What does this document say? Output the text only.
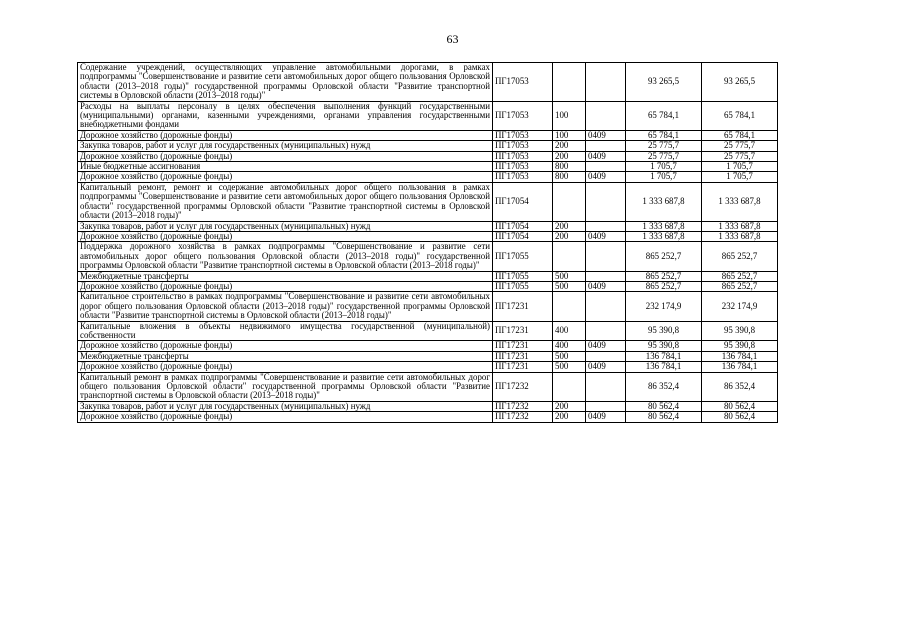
63
Содержание учреждений, осуществляющих управление автомобильными дорогами, в рамках подпрограммы "Совершенствование и развитие сети автомобильных дорог общего пользования Орловской области (2013–2018 годы)" государственной программы Орловской области "Развитие транспортной системы в Орловской области (2013–2018 годы)"	ПГ17053			93 265,5	93 265,5
Расходы на выплаты персоналу в целях обеспечения выполнения функций государственными (муниципальными) органами, казенными учреждениями, органами управления государственными внебюджетными фондами	ПГ17053	100		65 784,1	65 784,1
Дорожное хозяйство (дорожные фонды)	ПГ17053	100	0409	65 784,1	65 784,1
Закупка товаров, работ и услуг для государственных (муниципальных) нужд	ПГ17053	200		25 775,7	25 775,7
Дорожное хозяйство (дорожные фонды)	ПГ17053	200	0409	25 775,7	25 775,7
Иные бюджетные ассигнования	ПГ17053	800		1 705,7	1 705,7
Дорожное хозяйство (дорожные фонды)	ПГ17053	800	0409	1 705,7	1 705,7
Капитальный ремонт, ремонт и содержание автомобильных дорог общего пользования в рамках подпрограммы "Совершенствование и развитие сети автомобильных дорог общего пользования Орловской области" государственной программы Орловской области "Развитие транспортной системы в Орловской области (2013–2018 годы)"	ПГ17054			1 333 687,8	1 333 687,8
Закупка товаров, работ и услуг для государственных (муниципальных) нужд	ПГ17054	200		1 333 687,8	1 333 687,8
Дорожное хозяйство (дорожные фонды)	ПГ17054	200	0409	1 333 687,8	1 333 687,8
Поддержка дорожного хозяйства в рамках подпрограммы "Совершенствование и развитие сети автомобильных дорог общего пользования Орловской области (2013–2018 годы)" государственной программы Орловской области "Развитие транспортной системы в Орловской области (2013–2018 годы)"	ПГ17055			865 252,7	865 252,7
Межбюджетные трансферты	ПГ17055	500		865 252,7	865 252,7
Дорожное хозяйство (дорожные фонды)	ПГ17055	500	0409	865 252,7	865 252,7
Капитальное строительство в рамках подпрограммы "Совершенствование и развитие сети автомобильных дорог общего пользования Орловской области (2013–2018 годы)" государственной программы Орловской области "Развитие транспортной системы в Орловской области (2013–2018 годы)"	ПГ17231			232 174,9	232 174,9
Капитальные вложения в объекты недвижимого имущества государственной (муниципальной) собственности	ПГ17231	400		95 390,8	95 390,8
Дорожное хозяйство (дорожные фонды)	ПГ17231	400	0409	95 390,8	95 390,8
Межбюджетные трансферты	ПГ17231	500		136 784,1	136 784,1
Дорожное хозяйство (дорожные фонды)	ПГ17231	500	0409	136 784,1	136 784,1
Капитальный ремонт в рамках подпрограммы "Совершенствование и развитие сети автомобильных дорог общего пользования Орловской области" государственной программы Орловской области "Развитие транспортной системы в Орловской области (2013–2018 годы)"	ПГ17232			86 352,4	86 352,4
Закупка товаров, работ и услуг для государственных (муниципальных) нужд	ПГ17232	200		80 562,4	80 562,4
Дорожное хозяйство (дорожные фонды)	ПГ17232	200	0409	80 562,4	80 562,4
